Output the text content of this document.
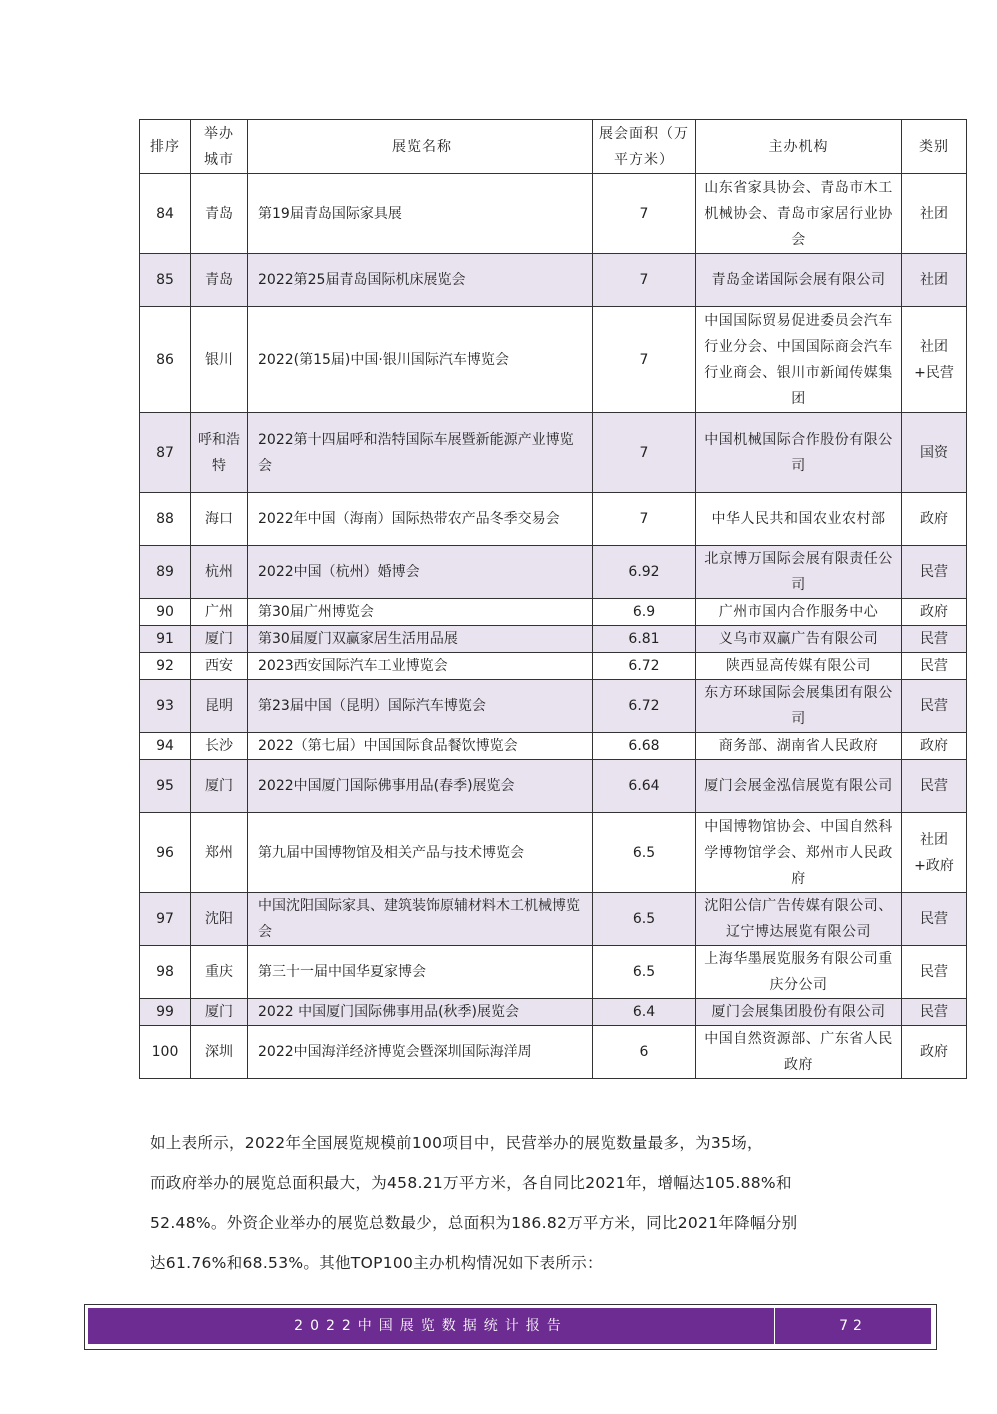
排序	举办城市	展览名称	展会面积（万平方米）	主办机构	类别
84	青岛	第19届青岛国际家具展	7	山东省家具协会、青岛市木工机械协会、青岛市家居行业协会	社团
85	青岛	2022第25届青岛国际机床展览会	7	青岛金诺国际会展有限公司	社团
86	银川	2022(第15届)中国·银川国际汽车博览会	7	中国国际贸易促进委员会汽车行业分会、中国国际商会汽车行业商会、银川市新闻传媒集团	社团+民营
87	呼和浩特	2022第十四届呼和浩特国际车展暨新能源产业博览会	7	中国机械国际合作股份有限公司	国资
88	海口	2022年中国（海南）国际热带农产品冬季交易会	7	中华人民共和国农业农村部	政府
89	杭州	2022中国（杭州）婚博会	6.92	北京博万国际会展有限责任公司	民营
90	广州	第30届广州博览会	6.9	广州市国内合作服务中心	政府
91	厦门	第30届厦门双赢家居生活用品展	6.81	义乌市双赢广告有限公司	民营
92	西安	2023西安国际汽车工业博览会	6.72	陕西显高传媒有限公司	民营
93	昆明	第23届中国（昆明）国际汽车博览会	6.72	东方环球国际会展集团有限公司	民营
94	长沙	2022（第七届）中国国际食品餐饮博览会	6.68	商务部、湖南省人民政府	政府
95	厦门	2022中国厦门国际佛事用品(春季)展览会	6.64	厦门会展金泓信展览有限公司	民营
96	郑州	第九届中国博物馆及相关产品与技术博览会	6.5	中国博物馆协会、中国自然科学博物馆学会、郑州市人民政府	社团+政府
97	沈阳	中国沈阳国际家具、建筑装饰原辅材料木工机械博览会	6.5	沈阳公信广告传媒有限公司、辽宁博达展览有限公司	民营
98	重庆	第三十一届中国华夏家博会	6.5	上海华墨展览服务有限公司重庆分公司	民营
99	厦门	2022 中国厦门国际佛事用品(秋季)展览会	6.4	厦门会展集团股份有限公司	民营
100	深圳	2022中国海洋经济博览会暨深圳国际海洋周	6	中国自然资源部、广东省人民政府	政府
如上表所示，2022年全国展览规模前100项目中，民营举办的展览数量最多，为35场，
而政府举办的展览总面积最大，为458.21万平方米，各自同比2021年，增幅达105.88%和
52.48%。外资企业举办的展览总数最少，总面积为186.82万平方米，同比2021年降幅分别
达61.76%和68.53%。其他TOP100主办机构情况如下表所示：
2022中国展览数据统计报告	72
